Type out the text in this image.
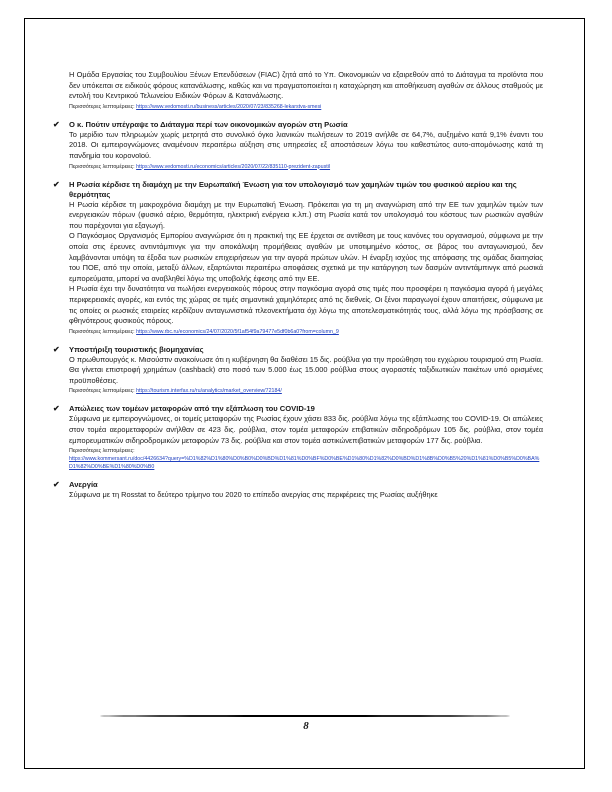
Η Ομάδα Εργασίας του Συμβουλίου Ξένων Επενδύσεων (FIAC) ζητά από το Υπ. Οικονομικών να εξαιρεθούν από το Διάταγμα τα προϊόντα που δεν υπόκειται σε ειδικούς φόρους κατανάλωσης, καθώς και να πραγματοποιείται η καταχώρηση και αποθήκευση αγαθών σε άλλους σταθμούς με εντολή του Κεντρικού Τελωνείου Ειδικών Φόρων & Κατανάλωσης.

Περισσότερες λεπτομέρειες: https://www.vedomosti.ru/business/articles/2020/07/23/835268-lekarstva-smesi
✔	Ο κ. Πούτιν υπέγραψε το Διάταγμα περί των οικονομικών αγορών στη Ρωσία

Το μερίδιο των πληρωμών χωρίς μετρητά στο συνολικό όγκο λιανικών πωλήσεων το 2019 ανήλθε σε 64,7%, αυξημένο κατά 9,1% έναντι του 2018. Οι εμπειρογνώμονες αναμένουν περαιτέρω αύξηση στις υπηρεσίες εξ αποστάσεων λόγω του καθεστώτος αυτο-απομόνωσης κατά τη πανδημία του κορονοϊού.

Περισσότερες λεπτομέρειες: https://www.vedomosti.ru/economics/articles/2020/07/22/835110-prezident-zapustil
✔	Η Ρωσία κέρδισε τη διαμάχη με την Ευρωπαϊκή Ένωση για τον υπολογισμό των χαμηλών τιμών του φυσικού αερίου και της θερμότητας

Η Ρωσία κέρδισε τη μακροχρόνια διαμάχη με την Ευρωπαϊκή Ένωση. Πρόκειται για τη μη αναγνώριση από την ΕΕ των χαμηλών τιμών των ενεργειακών πόρων (φυσικό αέριο, θερμότητα, ηλεκτρική ενέργεια κ.λπ.) στη Ρωσία κατά τον υπολογισμό του κόστους των ρωσικών αγαθών που παρέχονται για εξαγωγή.

Ο Παγκόσμιος Οργανισμός Εμπορίου αναγνώρισε ότι η πρακτική της ΕΕ έρχεται σε αντίθεση με τους κανόνες του οργανισμού, σύμφωνα με την οποία στις έρευνες αντιντάμπινγκ για την αποκάλυψη προμήθειας αγαθών με υποτιμημένο κόστος, σε βάρος του ανταγωνισμού, δεν λαμβάνονται υπόψη τα έξοδα των ρωσικών επιχειρήσεων για την αγορά πρώτων υλών. Η έναρξη ισχύος της απόφασης της ομάδας διαιτησίας του ΠΟΕ, από την οποία, μεταξύ άλλων, εξαρτώνται περαιτέρω αποφάσεις σχετικά με την κατάργηση των δασμών αντιντάμπινγκ από ρωσικά εμπορεύματα, μπορεί να αναβληθεί λόγω της υποβολής έφεσης από την ΕΕ.

Η Ρωσία έχει την δυνατότητα να πωλήσει ενεργειακούς πόρους στην παγκόσμια αγορά στις τιμές που προσφέρει η παγκόσμια αγορά ή μεγάλες περιφερειακές αγορές, και εντός της χώρας σε τιμές σημαντικά χαμηλότερες από τις διεθνείς. Οι ξένοι παραγωγοί έχουν απαιτήσεις, σύμφωνα με τις οποίες οι ρωσικές εταιρείες κερδίζουν ανταγωνιστικά πλεονεκτήματα όχι λόγω της αποτελεσματικότητάς τους, αλλά λόγω της πρόσβασης σε φθηνότερους φυσικούς πόρους.

Περισσότερες λεπτομέρειες: https://www.rbc.ru/economics/24/07/2020/5f1af54f9a79477e5df0b6a0?from=column_9
✔	Υποστήριξη τουριστικής βιομηχανίας

Ο πρωθυπουργός κ. Μισούστιν ανακοίνωσε ότι η κυβέρνηση θα διαθέσει 15 δις. ρούβλια για την προώθηση του εγχώριου τουρισμού στη Ρωσία. Θα γίνεται επιστροφή χρημάτων (cashback) στο ποσό των 5.000 έως 15.000 ρούβλια στους αγοραστές ταξιδιωτικών πακέτων υπό ορισμένες προϋποθέσεις.

Περισσότερες λεπτομέρειες: https://tourism.interfax.ru/ru/analytics/market_overview/72184/
✔	Απώλειες των τομέων μεταφορών από την εξάπλωση του COVID-19

Σύμφωνα με εμπειρογνώμονες, οι τομείς μεταφορών της Ρωσίας έχουν χάσει 833 δις. ρούβλια λόγω της εξάπλωσης του COVID-19. Οι απώλειες στον τομέα αερομεταφορών ανήλθαν σε 423 δις. ρούβλια, στον τομέα μεταφορών επιβατικών σιδηροδρόμων 105 δις. ρούβλια, στον τομέα εμπορευματικών σιδηροδρομικών μεταφορών 73 δις. ρούβλια και στον τομέα αστικώνεπιβατικών μεταφορών 177 δις. ρούβλια.

Περισσότερες λεπτομέρειες:
https://www.kommersant.ru/doc/4426634?query=%D1%82%D1%80%D0%B0%D0%BD%D1%81%D0%BF%D0%BE%D1%80%D1%82%D0%BD%D1%8B%D0%B5%20%D1%81%D0%B5%D0%BA%D1%82%D0%BE%D1%80%D0%B0
✔	Ανεργία

Σύμφωνα με τη Rosstat το δεύτερο τρίμηνο του 2020 το επίπεδο ανεργίας στις περιφέρειες της Ρωσίας αυξήθηκε

8
